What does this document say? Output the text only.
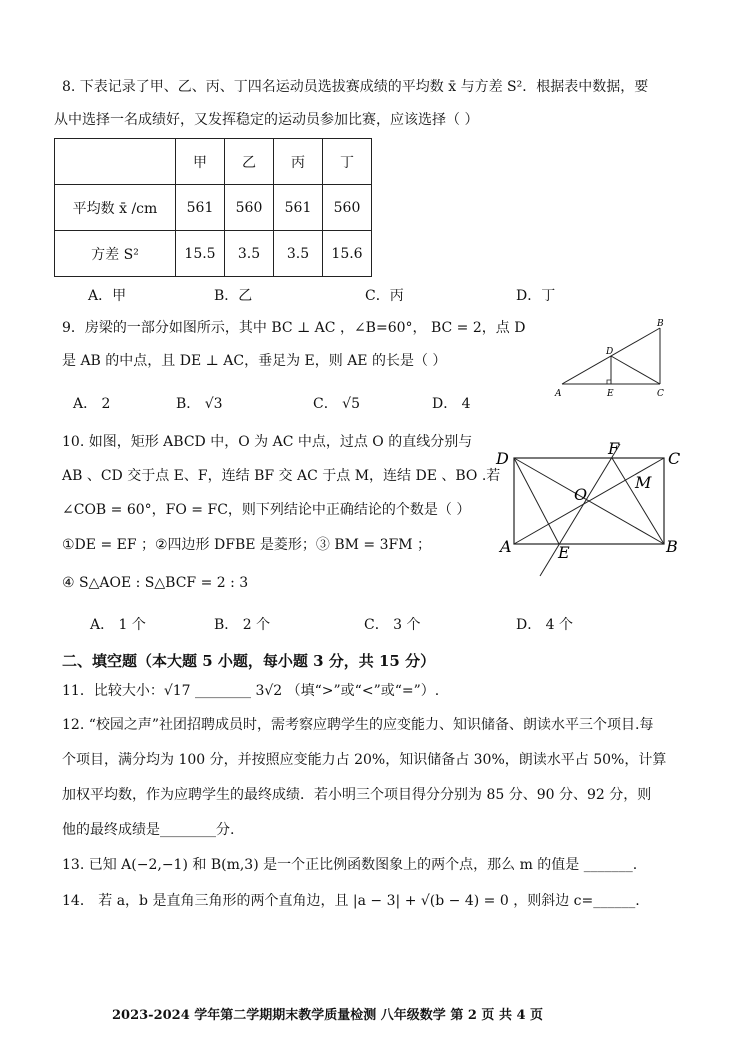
8. 下表记录了甲、乙、丙、丁四名运动员选拔赛成绩的平均数 x̄ 与方差 S²．根据表中数据，要
从中选择一名成绩好，又发挥稳定的运动员参加比赛，应该选择（ ）
	甲	乙	丙	丁
平均数 x̄ /cm	561	560	561	560
方差 S²	15.5	3.5	3.5	15.6
A．甲	B．乙	C．丙	D．丁
9．房梁的一部分如图所示，其中 BC ⊥ AC ，∠B=60°， BC = 2，点 D
是 AB 的中点，且 DE ⊥ AC，垂足为 E，则 AE 的长是（ ）
A． 2	B． √3	C． √5	D． 4
A
B
C
D
E
10. 如图，矩形 ABCD 中，O 为 AC 中点，过点 O 的直线分别与
AB 、CD 交于点 E、F，连结 BF 交 AC 于点 M，连结 DE 、BO .若
∠COB = 60°，FO = FC，则下列结论中正确结论的个数是（ ）
①DE = EF ；②四边形 DFBE 是菱形；③ BM = 3FM ；
④ S△AOE : S△BCF = 2 : 3
A． 1 个	B． 2 个	C． 3 个	D． 4 个
D	C
A	B
E
F
O
M
二、填空题（本大题 5 小题，每小题 3 分，共 15 分）
11．比较大小：√17 ________ 3√2 （填“>”或“<”或“=”）.
12. “校园之声”社团招聘成员时，需考察应聘学生的应变能力、知识储备、朗读水平三个项目.每
个项目，满分均为 100 分，并按照应变能力占 20%，知识储备占 30%，朗读水平占 50%，计算
加权平均数，作为应聘学生的最终成绩．若小明三个项目得分分别为 85 分、90 分、92 分，则
他的最终成绩是________分.
13. 已知 A(−2,−1) 和 B(m,3) 是一个正比例函数图象上的两个点，那么 m 的值是 _______.
14． 若 a，b 是直角三角形的两个直角边，且 |a − 3| + √(b − 4) = 0 ，则斜边 c=______.
2023-2024 学年第二学期期末教学质量检测 八年级数学 第 2 页 共 4 页
